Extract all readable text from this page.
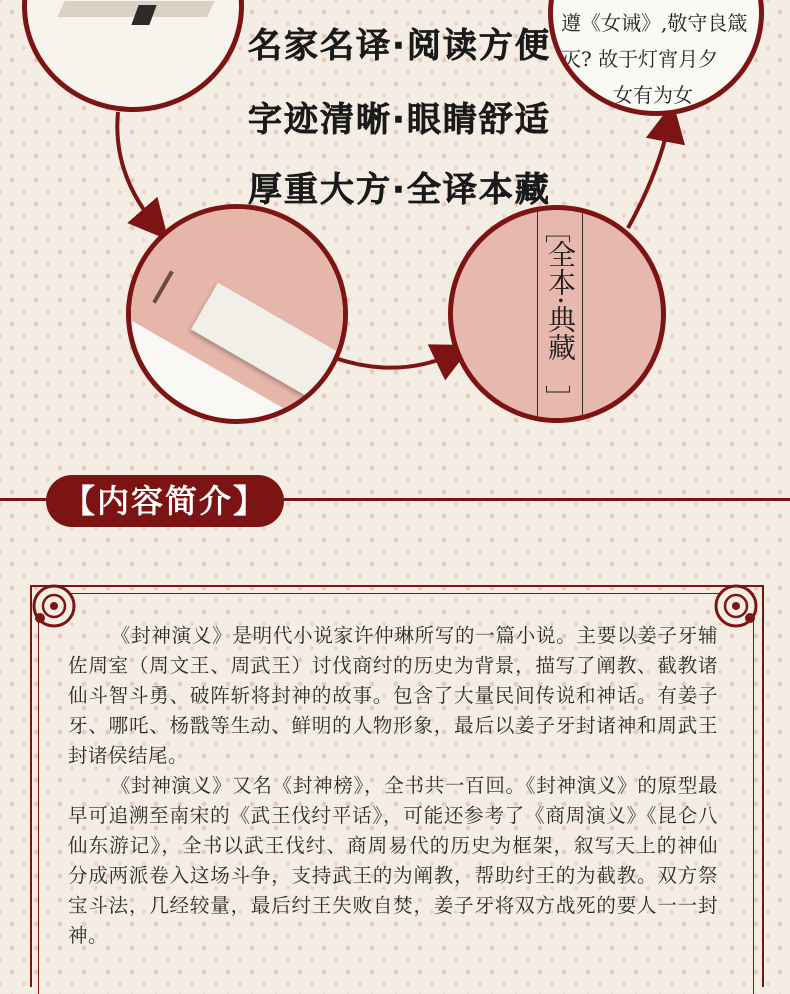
遵《女诫》,敬守良箴
灭? 故于灯宵月夕
女有为女
名家名译·阅读方便
字迹清晰·眼睛舒适
厚重大方·全译本藏
﹇
全本·典藏
﹈
【内容简介】

《封神演义》是明代小说家许仲琳所写的一篇小说。主要以姜子牙辅佐周室（周文王、周武王）讨伐商纣的历史为背景，描写了阐教、截教诸仙斗智斗勇、破阵斩将封神的故事。包含了大量民间传说和神话。有姜子牙、哪吒、杨戬等生动、鲜明的人物形象，最后以姜子牙封诸神和周武王封诸侯结尾。

《封神演义》又名《封神榜》，全书共一百回。《封神演义》的原型最早可追溯至南宋的《武王伐纣平话》，可能还参考了《商周演义》《昆仑八仙东游记》，全书以武王伐纣、商周易代的历史为框架，叙写天上的神仙分成两派卷入这场斗争，支持武王的为阐教，帮助纣王的为截教。双方祭宝斗法，几经较量，最后纣王失败自焚，姜子牙将双方战死的要人一一封神。
